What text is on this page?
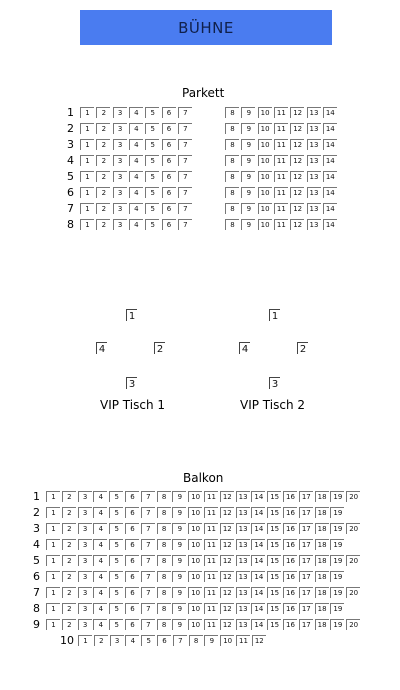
BÜHNE
Parkett
1	1	2	3	4	5	6	7	8	9	10	11	12	13	14
2	1	2	3	4	5	6	7	8	9	10	11	12	13	14
3	1	2	3	4	5	6	7	8	9	10	11	12	13	14
4	1	2	3	4	5	6	7	8	9	10	11	12	13	14
5	1	2	3	4	5	6	7	8	9	10	11	12	13	14
6	1	2	3	4	5	6	7	8	9	10	11	12	13	14
7	1	2	3	4	5	6	7	8	9	10	11	12	13	14
8	1	2	3	4	5	6	7	8	9	10	11	12	13	14
1
2
3
4
VIP Tisch 1
1
2
3
4
VIP Tisch 2
Balkon
1	1	2	3	4	5	6	7	8	9	10 11 12 13 14 15 16 17 18 19 20
2	1	2	3	4	5	6	7	8	9	10 11 12 13 14 15 16 17 18 19
3	1	2	3	4	5	6	7	8	9	10 11 12 13 14 15 16 17 18 19 20
4	1	2	3	4	5	6	7	8	9	10 11 12 13 14 15 16 17 18 19
5	1	2	3	4	5	6	7	8	9	10 11 12 13 14 15 16 17 18 19 20
6	1	2	3	4	5	6	7	8	9	10 11 12 13 14 15 16 17 18 19
7	1	2	3	4	5	6	7	8	9	10 11 12 13 14 15 16 17 18 19 20
8	1	2	3	4	5	6	7	8	9	10 11 12 13 14 15 16 17 18 19
9	1	2	3	4	5	6	7	8	9	10 11 12 13 14 15 16 17 18 19 20
10	1	2	3	4	5	6	7	8	9	10 11 12
